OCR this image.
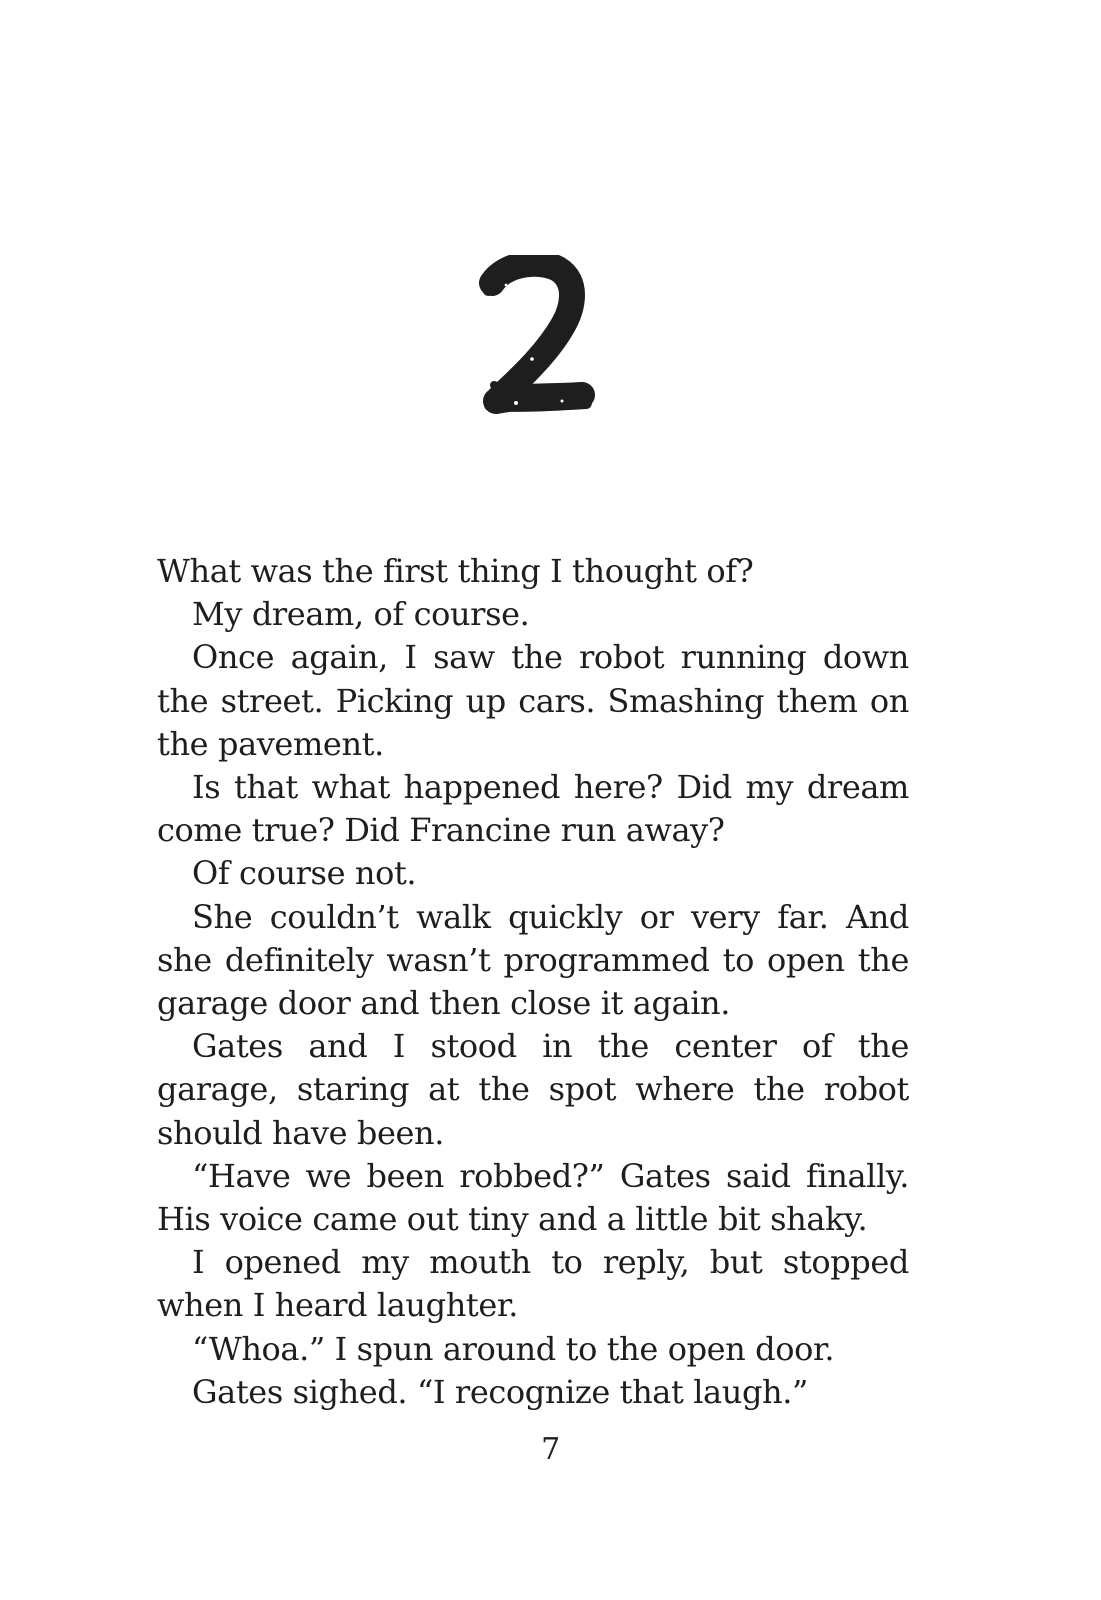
What was the first thing I thought of?

My dream, of course.

Once again, I saw the robot running down the street. Picking up cars. Smashing them on the pavement.

Is that what happened here? Did my dream come true? Did Francine run away?

Of course not.

She couldn’t walk quickly or very far. And she definitely wasn’t programmed to open the garage door and then close it again.

Gates and I stood in the center of the garage, staring at the spot where the robot should have been.

“Have we been robbed?” Gates said finally. His voice came out tiny and a little bit shaky.

I opened my mouth to reply, but stopped when I heard laughter.

“Whoa.” I spun around to the open door.

Gates sighed. “I recognize that laugh.”

7
